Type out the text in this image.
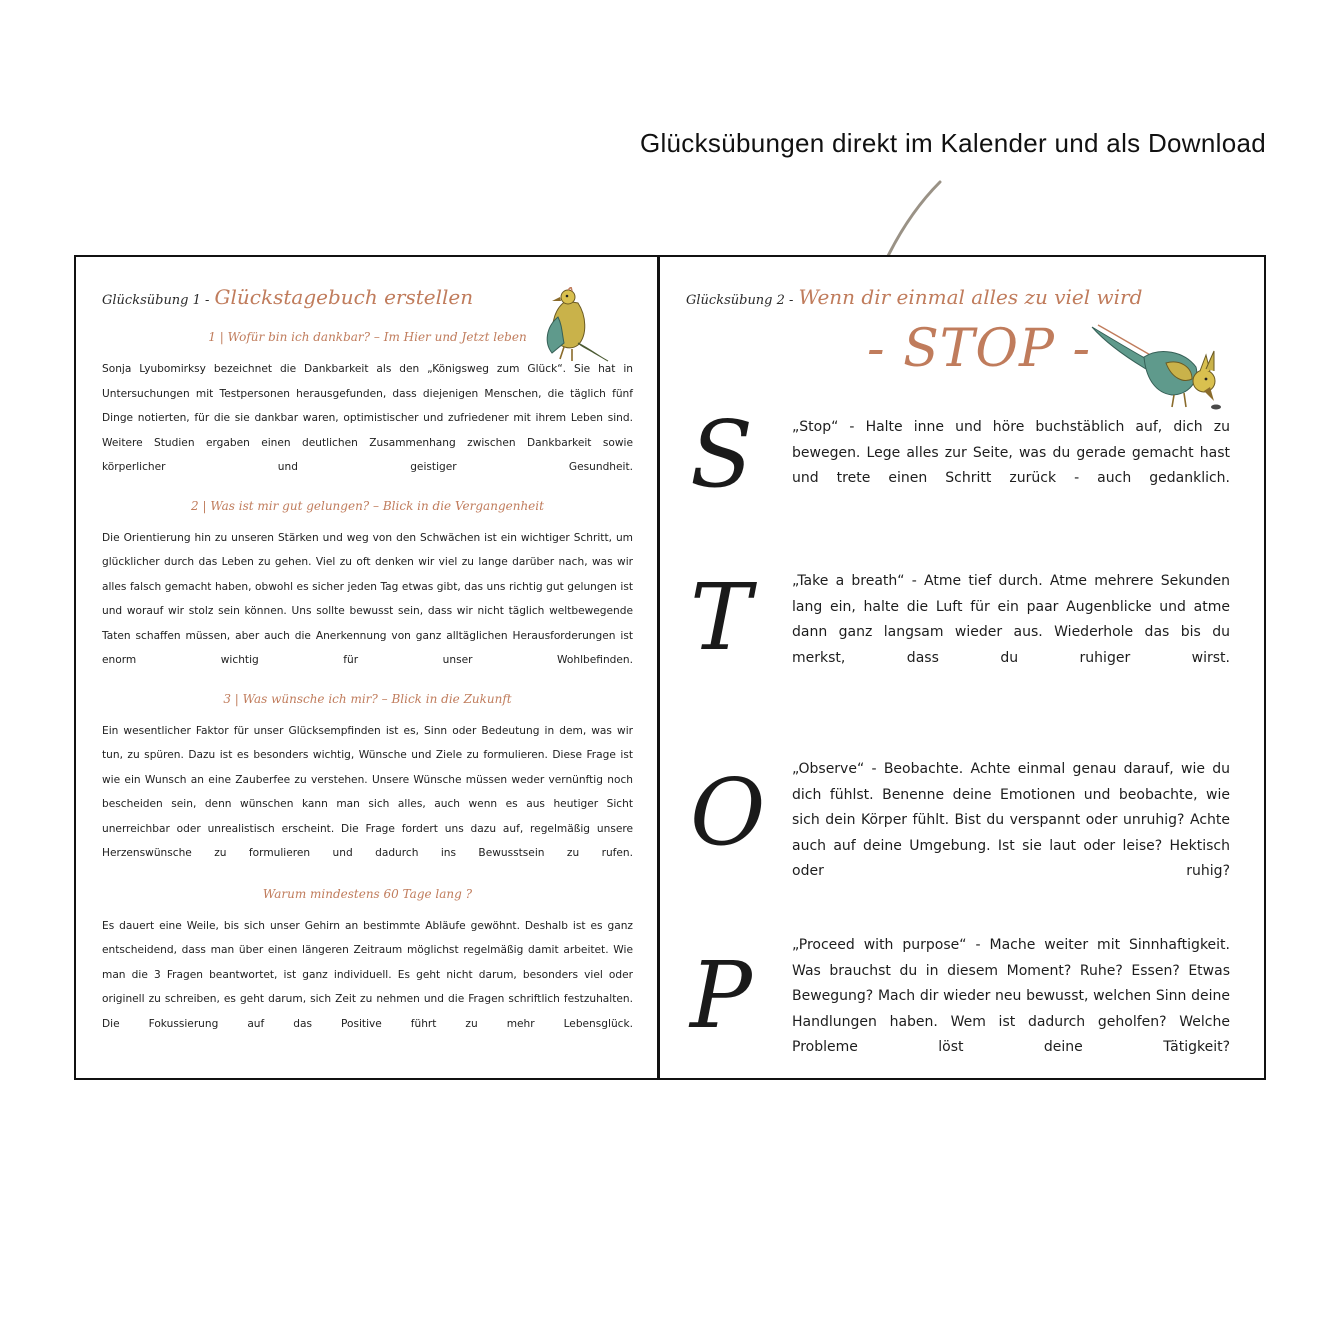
Glücksübungen direkt im Kalender und als Download
Glücksübung 1 - Glückstagebuch erstellen

1 | Wofür bin ich dankbar? – Im Hier und Jetzt leben

Sonja Lyubomirksy bezeichnet die Dankbarkeit als den „Königsweg zum Glück“. Sie hat in Untersuchungen mit Testpersonen herausgefunden, dass diejenigen Menschen, die täglich fünf Dinge notierten, für die sie dankbar waren, optimistischer und zufriedener mit ihrem Leben sind. Weitere Studien ergaben einen deutlichen Zusammenhang zwischen Dankbarkeit sowie körperlicher und geistiger Gesundheit.

2 | Was ist mir gut gelungen? – Blick in die Vergangenheit

Die Orientierung hin zu unseren Stärken und weg von den Schwächen ist ein wichtiger Schritt, um glücklicher durch das Leben zu gehen. Viel zu oft denken wir viel zu lange darüber nach, was wir alles falsch gemacht haben, obwohl es sicher jeden Tag etwas gibt, das uns richtig gut gelungen ist und worauf wir stolz sein können. Uns sollte bewusst sein, dass wir nicht täglich weltbewegende Taten schaffen müssen, aber auch die Anerkennung von ganz alltäglichen Herausforderungen ist enorm wichtig für unser Wohlbefinden.

3 | Was wünsche ich mir? – Blick in die Zukunft

Ein wesentlicher Faktor für unser Glücksempfinden ist es, Sinn oder Bedeutung in dem, was wir tun, zu spüren. Dazu ist es besonders wichtig, Wünsche und Ziele zu formulieren. Diese Frage ist wie ein Wunsch an eine Zauberfee zu verstehen. Unsere Wünsche müssen weder vernünftig noch bescheiden sein, denn wünschen kann man sich alles, auch wenn es aus heutiger Sicht unerreichbar oder unrealistisch erscheint. Die Frage fordert uns dazu auf, regelmäßig unsere Herzenswünsche zu formulieren und dadurch ins Bewusstsein zu rufen.

Warum mindestens 60 Tage lang ?

Es dauert eine Weile, bis sich unser Gehirn an bestimmte Abläufe gewöhnt. Deshalb ist es ganz entscheidend, dass man über einen längeren Zeitraum möglichst regelmäßig damit arbeitet. Wie man die 3 Fragen beantwortet, ist ganz individuell. Es geht nicht darum, besonders viel oder originell zu schreiben, es geht darum, sich Zeit zu nehmen und die Fragen schriftlich festzuhalten. Die Fokussierung auf das Positive führt zu mehr Lebensglück.

Glücksübung 2 - Wenn dir einmal alles zu viel wird
- STOP -
S	„Stop“ - Halte inne und höre buchstäblich auf, dich zu bewegen. Lege alles zur Seite, was du gerade gemacht hast und trete einen Schritt zurück - auch gedanklich.

T	„Take a breath“ - Atme tief durch. Atme mehrere Sekunden lang ein, halte die Luft für ein paar Augenblicke und atme dann ganz langsam wieder aus. Wiederhole das bis du merkst, dass du ruhiger wirst.

O	„Observe“ - Beobachte. Achte einmal genau darauf, wie du dich fühlst. Benenne deine Emotionen und beobachte, wie sich dein Körper fühlt. Bist du verspannt oder unruhig? Achte auch auf deine Umgebung. Ist sie laut oder leise? Hektisch oder ruhig?

P	„Proceed with purpose“ - Mache weiter mit Sinnhaftigkeit. Was brauchst du in diesem Moment? Ruhe? Essen? Etwas Bewegung? Mach dir wieder neu bewusst, welchen Sinn deine Handlungen haben. Wem ist dadurch geholfen? Welche Probleme löst deine Tätigkeit?
